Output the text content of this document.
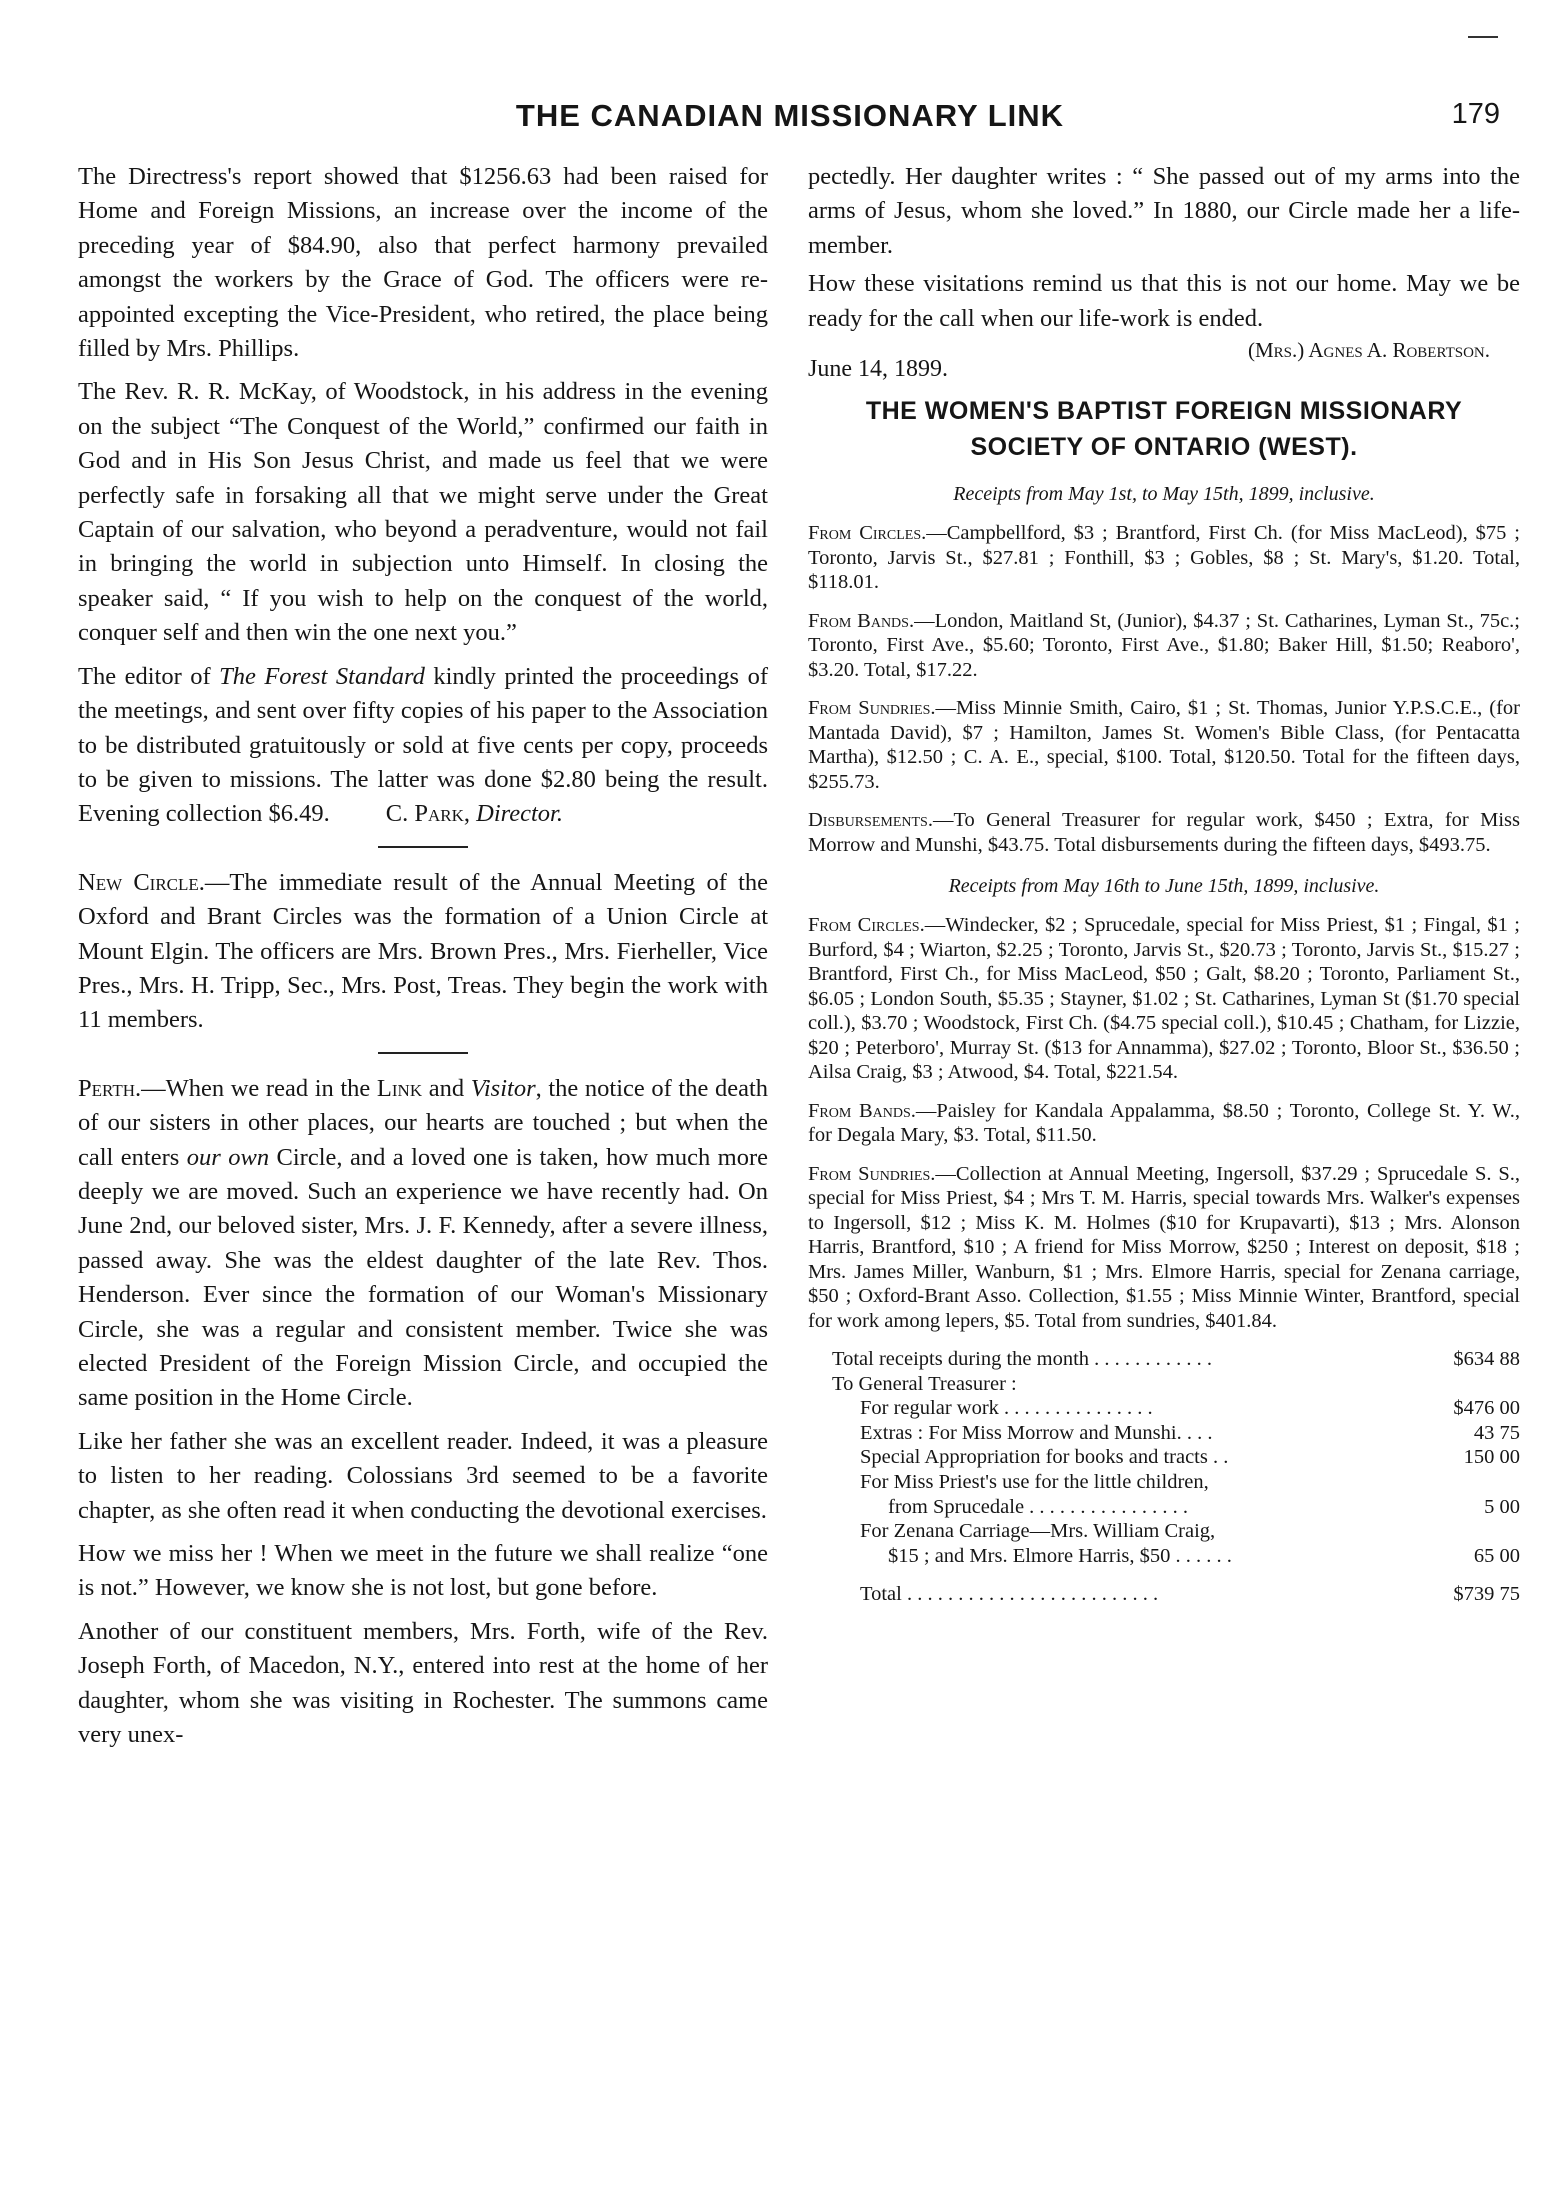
THE CANADIAN MISSIONARY LINK	179

The Directress's report showed that $1256.63 had been raised for Home and Foreign Missions, an increase over the income of the preceding year of $84.90, also that perfect harmony prevailed amongst the workers by the Grace of God. The officers were re-appointed excepting the Vice-President, who retired, the place being filled by Mrs. Phillips.

The Rev. R. R. McKay, of Woodstock, in his address in the evening on the subject “The Conquest of the World,” confirmed our faith in God and in His Son Jesus Christ, and made us feel that we were perfectly safe in forsaking all that we might serve under the Great Captain of our salvation, who beyond a peradventure, would not fail in bringing the world in subjection unto Himself. In closing the speaker said, “ If you wish to help on the conquest of the world, conquer self and then win the one next you.”

The editor of The Forest Standard kindly printed the proceedings of the meetings, and sent over fifty copies of his paper to the Association to be distributed gratuitously or sold at five cents per copy, proceeds to be given to missions. The latter was done $2.80 being the result. Evening collection $6.49. C. Park, Director.

New Circle.—The immediate result of the Annual Meeting of the Oxford and Brant Circles was the formation of a Union Circle at Mount Elgin. The officers are Mrs. Brown Pres., Mrs. Fierheller, Vice Pres., Mrs. H. Tripp, Sec., Mrs. Post, Treas. They begin the work with 11 members.

Perth.—When we read in the Link and Visitor, the notice of the death of our sisters in other places, our hearts are touched ; but when the call enters our own Circle, and a loved one is taken, how much more deeply we are moved. Such an experience we have recently had. On June 2nd, our beloved sister, Mrs. J. F. Kennedy, after a severe illness, passed away. She was the eldest daughter of the late Rev. Thos. Henderson. Ever since the formation of our Woman's Missionary Circle, she was a regular and consistent member. Twice she was elected President of the Foreign Mission Circle, and occupied the same position in the Home Circle.

Like her father she was an excellent reader. Indeed, it was a pleasure to listen to her reading. Colossians 3rd seemed to be a favorite chapter, as she often read it when conducting the devotional exercises.

How we miss her ! When we meet in the future we shall realize “one is not.” However, we know she is not lost, but gone before.

Another of our constituent members, Mrs. Forth, wife of the Rev. Joseph Forth, of Macedon, N.Y., entered into rest at the home of her daughter, whom she was visiting in Rochester. The summons came very unex-

pectedly. Her daughter writes : “ She passed out of my arms into the arms of Jesus, whom she loved.” In 1880, our Circle made her a life-member.

How these visitations remind us that this is not our home. May we be ready for the call when our life-work is ended.

June 14, 1899.
(Mrs.) Agnes A. Robertson.
THE WOMEN'S BAPTIST FOREIGN MISSIONARY
SOCIETY OF ONTARIO (WEST).
Receipts from May 1st, to May 15th, 1899, inclusive.

From Circles.—Campbellford, $3 ; Brantford, First Ch. (for Miss MacLeod), $75 ; Toronto, Jarvis St., $27.81 ; Fonthill, $3 ; Gobles, $8 ; St. Mary's, $1.20. Total, $118.01.

From Bands.—London, Maitland St, (Junior), $4.37 ; St. Catharines, Lyman St., 75c.; Toronto, First Ave., $5.60; Toronto, First Ave., $1.80; Baker Hill, $1.50; Reaboro', $3.20. Total, $17.22.

From Sundries.—Miss Minnie Smith, Cairo, $1 ; St. Thomas, Junior Y.P.S.C.E., (for Mantada David), $7 ; Hamilton, James St. Women's Bible Class, (for Pentacatta Martha), $12.50 ; C. A. E., special, $100. Total, $120.50. Total for the fifteen days, $255.73.

Disbursements.—To General Treasurer for regular work, $450 ; Extra, for Miss Morrow and Munshi, $43.75. Total disbursements during the fifteen days, $493.75.

Receipts from May 16th to June 15th, 1899, inclusive.

From Circles.—Windecker, $2 ; Sprucedale, special for Miss Priest, $1 ; Fingal, $1 ; Burford, $4 ; Wiarton, $2.25 ; Toronto, Jarvis St., $20.73 ; Toronto, Jarvis St., $15.27 ; Brantford, First Ch., for Miss MacLeod, $50 ; Galt, $8.20 ; Toronto, Parliament St., $6.05 ; London South, $5.35 ; Stayner, $1.02 ; St. Catharines, Lyman St ($1.70 special coll.), $3.70 ; Woodstock, First Ch. ($4.75 special coll.), $10.45 ; Chatham, for Lizzie, $20 ; Peterboro', Murray St. ($13 for Annamma), $27.02 ; Toronto, Bloor St., $36.50 ; Ailsa Craig, $3 ; Atwood, $4. Total, $221.54.

From Bands.—Paisley for Kandala Appalamma, $8.50 ; Toronto, College St. Y. W., for Degala Mary, $3. Total, $11.50.

From Sundries.—Collection at Annual Meeting, Ingersoll, $37.29 ; Sprucedale S. S., special for Miss Priest, $4 ; Mrs T. M. Harris, special towards Mrs. Walker's expenses to Ingersoll, $12 ; Miss K. M. Holmes ($10 for Krupavarti), $13 ; Mrs. Alonson Harris, Brantford, $10 ; A friend for Miss Morrow, $250 ; Interest on deposit, $18 ; Mrs. James Miller, Wanburn, $1 ; Mrs. Elmore Harris, special for Zenana carriage, $50 ; Oxford-Brant Asso. Collection, $1.55 ; Miss Minnie Winter, Brantford, special for work among lepers, $5. Total from sundries, $401.84.

Total receipts during the month . . . . . . . . . . . .	$634 88
To General Treasurer :
For regular work . . . . . . . . . . . . . . .	$476 00
Extras : For Miss Morrow and Munshi. . . .	43 75
Special Appropriation for books and tracts . .	150 00
For Miss Priest's use for the little children,
from Sprucedale . . . . . . . . . . . . . . . .	5 00
For Zenana Carriage—Mrs. William Craig,
$15 ; and Mrs. Elmore Harris, $50 . . . . . .	65 00
Total . . . . . . . . . . . . . . . . . . . . . . . . .	$739 75
